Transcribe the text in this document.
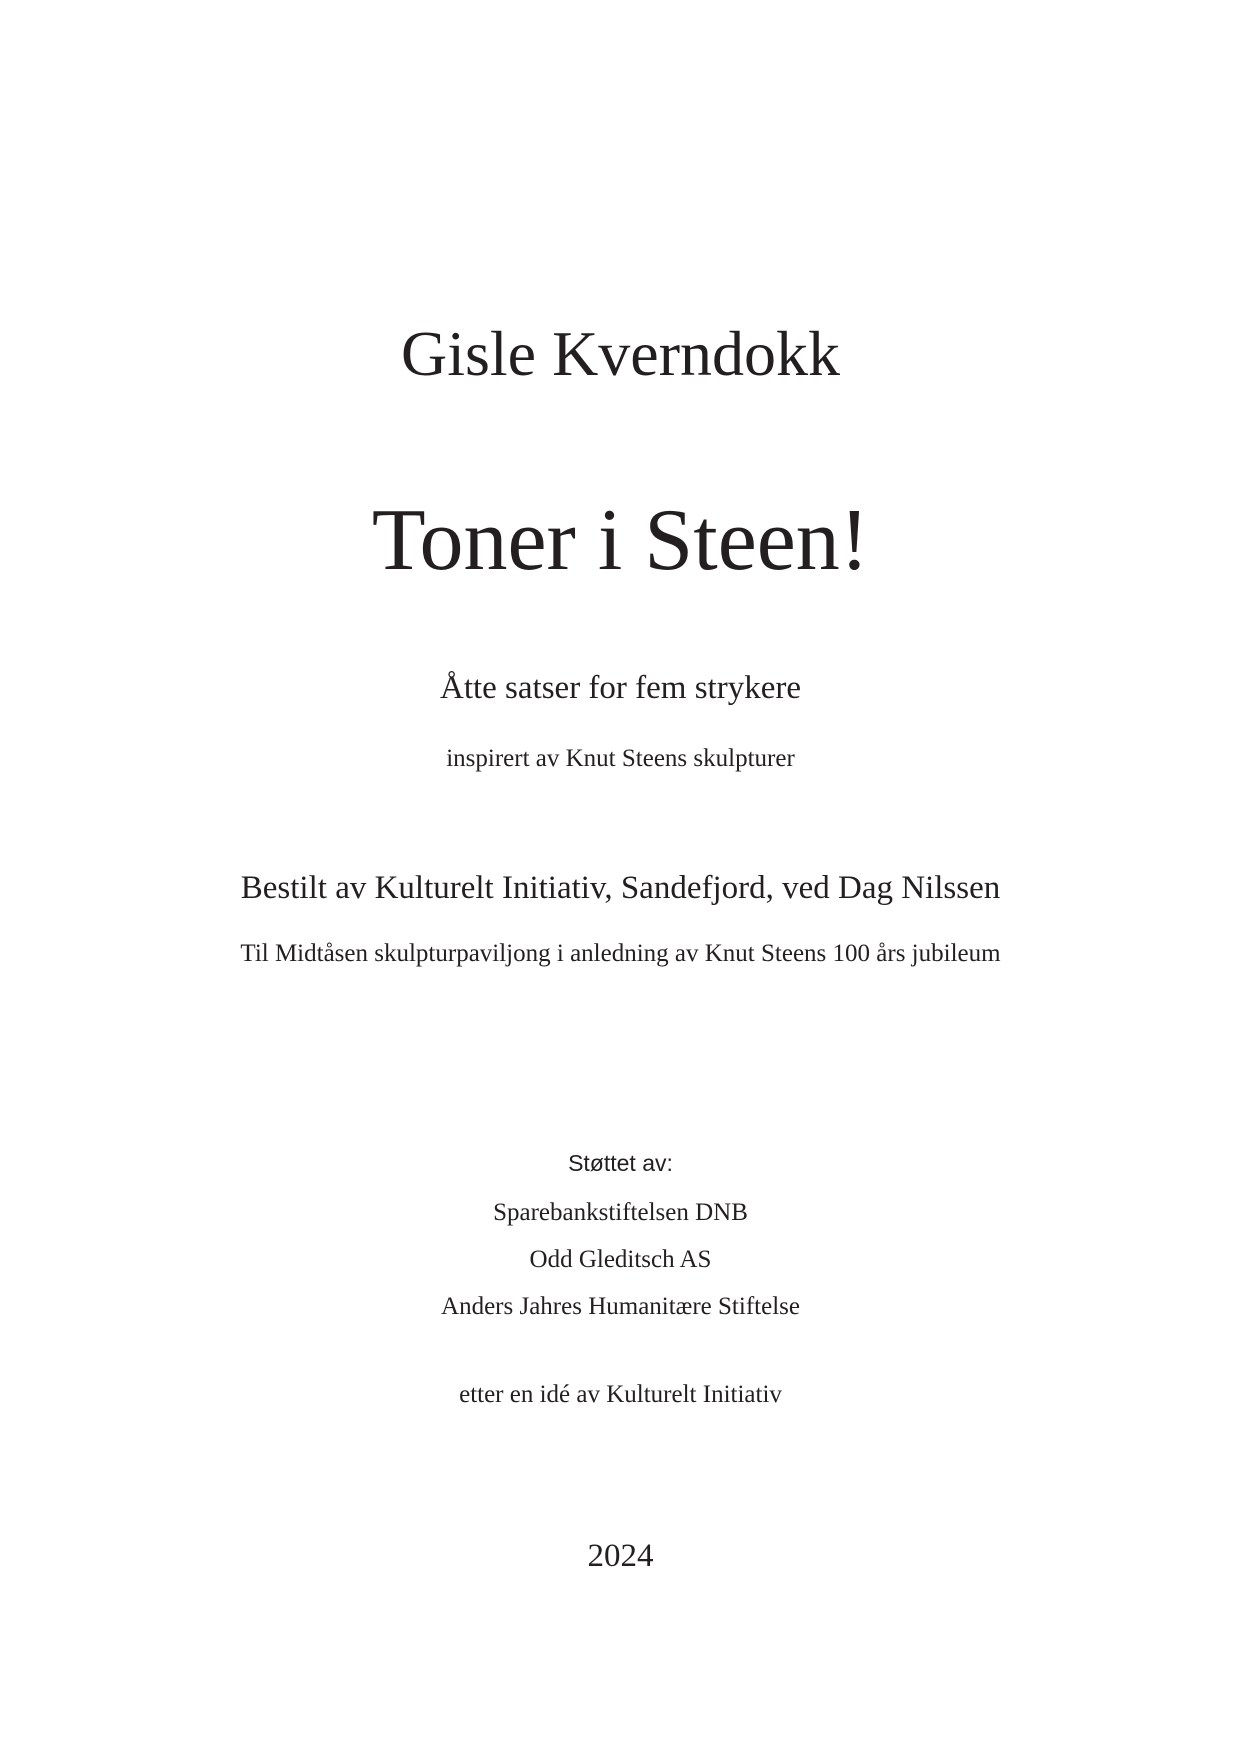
Gisle Kverndokk
Toner i Steen!
Åtte satser for fem strykere
inspirert av Knut Steens skulpturer
Bestilt av Kulturelt Initiativ, Sandefjord, ved Dag Nilssen
Til Midtåsen skulpturpaviljong i anledning av Knut Steens 100 års jubileum
Støttet av:
Sparebankstiftelsen DNB
Odd Gleditsch AS
Anders Jahres Humanitære Stiftelse
etter en idé av Kulturelt Initiativ
2024
